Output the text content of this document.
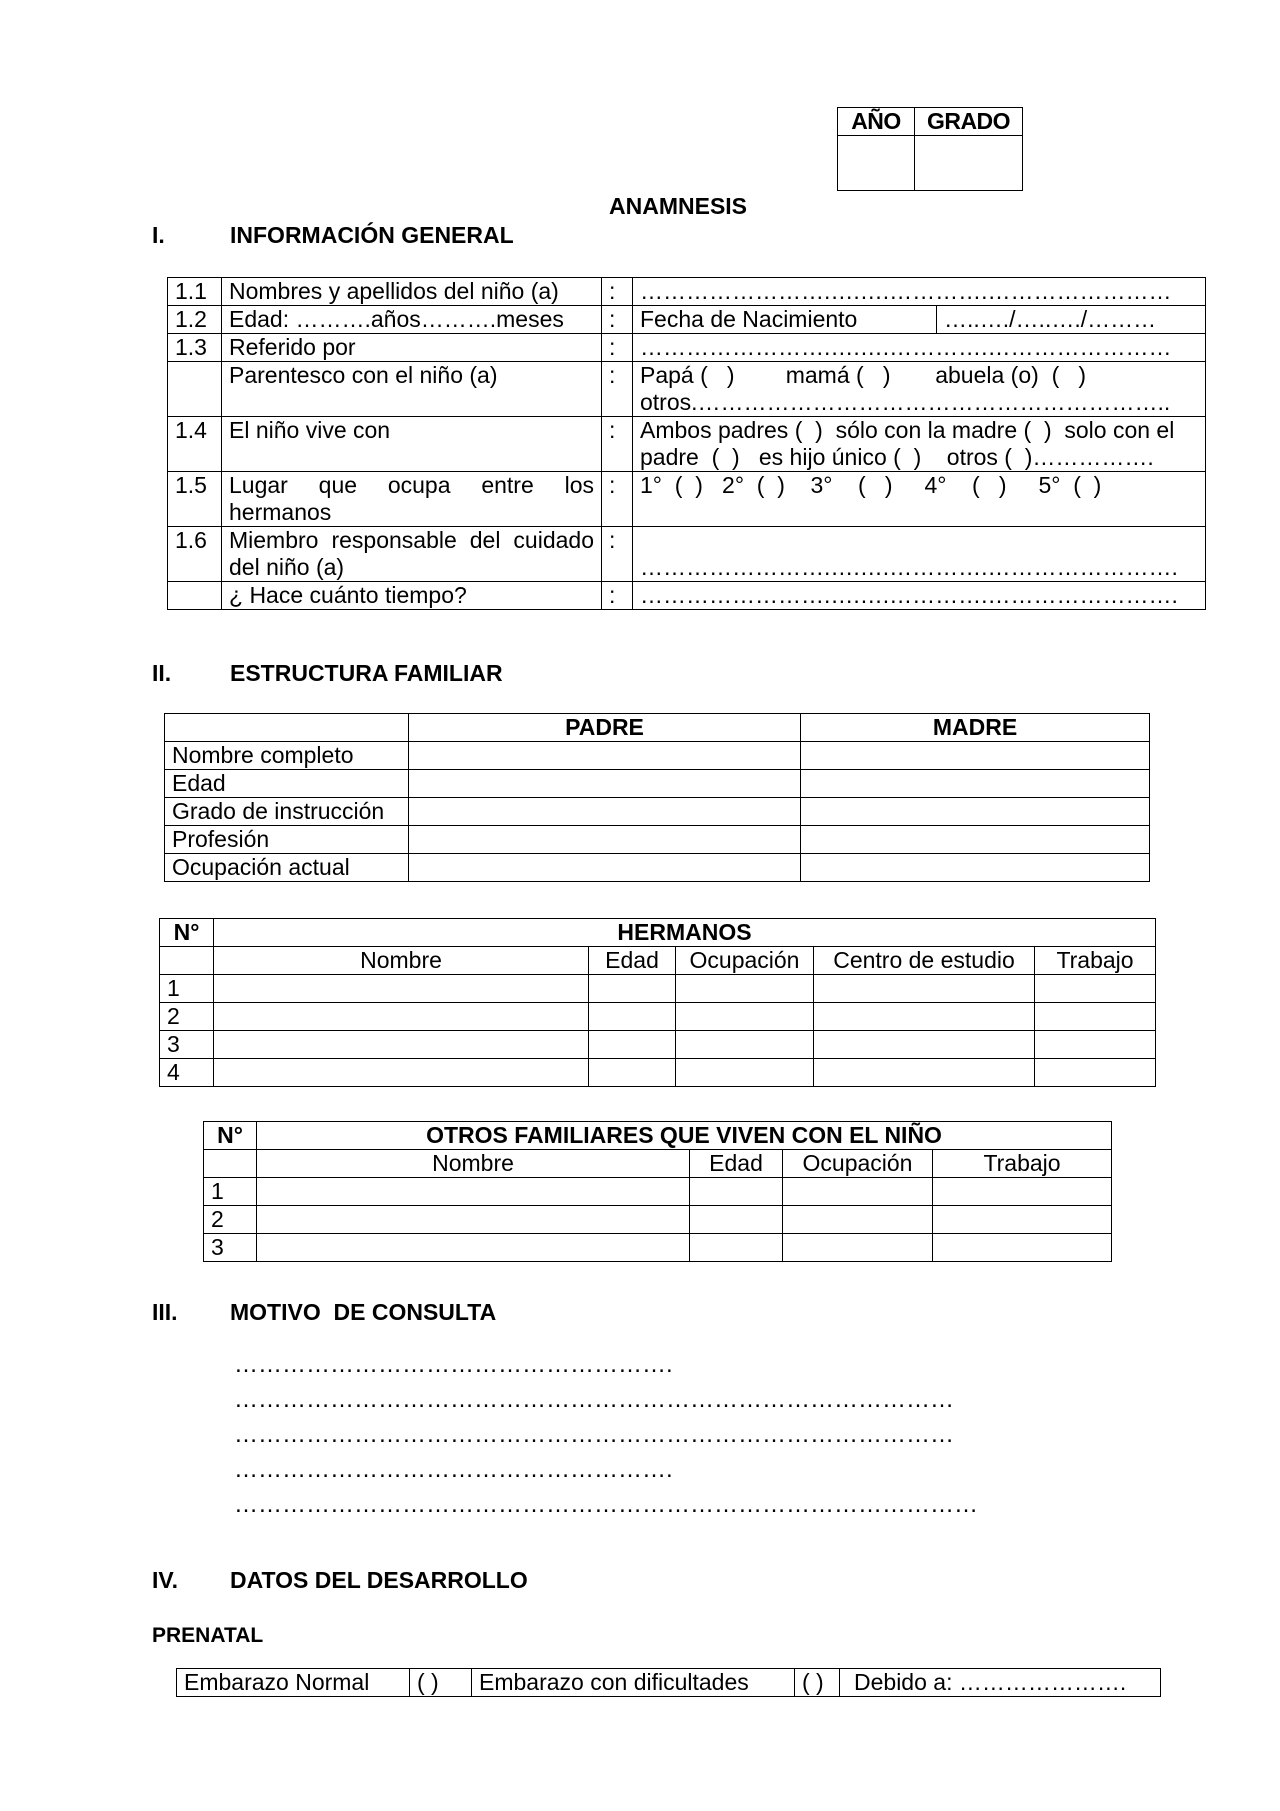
AÑO	GRADO

ANAMNESIS
I.	INFORMACIÓN GENERAL
1.1	Nombres y apellidos del niño (a)	:	…………………….….….………….……………………	
1.2	Edad: ……….años……….meses	:	Fecha de Nacimiento	…..…./…..…./………
1.3	Referido por	:	…………………….….….………….……………………	
	Parentesco con el niño (a)	:	Papá (   )        mamá (   )       abuela (o)  (   )
otros.……………………………………………………..	

1.4	El niño vive con	:	Ambos padres (  )  sólo con la madre (  )  solo con el
padre  (  )   es hijo único (  )    otros (  )…………….	

1.5	Lugar que ocupa entre los
hermanos	:	1°  (  )   2°  (  )    3°    (   )     4°    (   )     5°  (  )	
1.6	Miembro responsable del cuidado
del niño (a)	:	…………………….….….………….…………………….	

	¿ Hace cuánto tiempo?	:	…………………….….….………….…………………….	
II.	ESTRUCTURA FAMILIAR
	PADRE	MADRE
Nombre completo		
Edad		
Grado de instrucción		
Profesión		
Ocupación actual		
N°	HERMANOS				
	Nombre	Edad	Ocupación	Centro de estudio	Trabajo
1					
2					
3					
4					
N°	OTROS FAMILIARES QUE VIVEN CON EL NIÑO			
	Nombre	Edad	Ocupación	Trabajo
1				
2				
3				
III. MOTIVO  DE CONSULTA
……………………………………………….
………………………………………………………………………………
………………………………………………………………………………
……………………………………………….
…………………………………………………………………………………
IV. DATOS DEL DESARROLLO
PRENATAL
Embarazo Normal	( )	Embarazo con dificultades	( )	Debido a: ………………….
